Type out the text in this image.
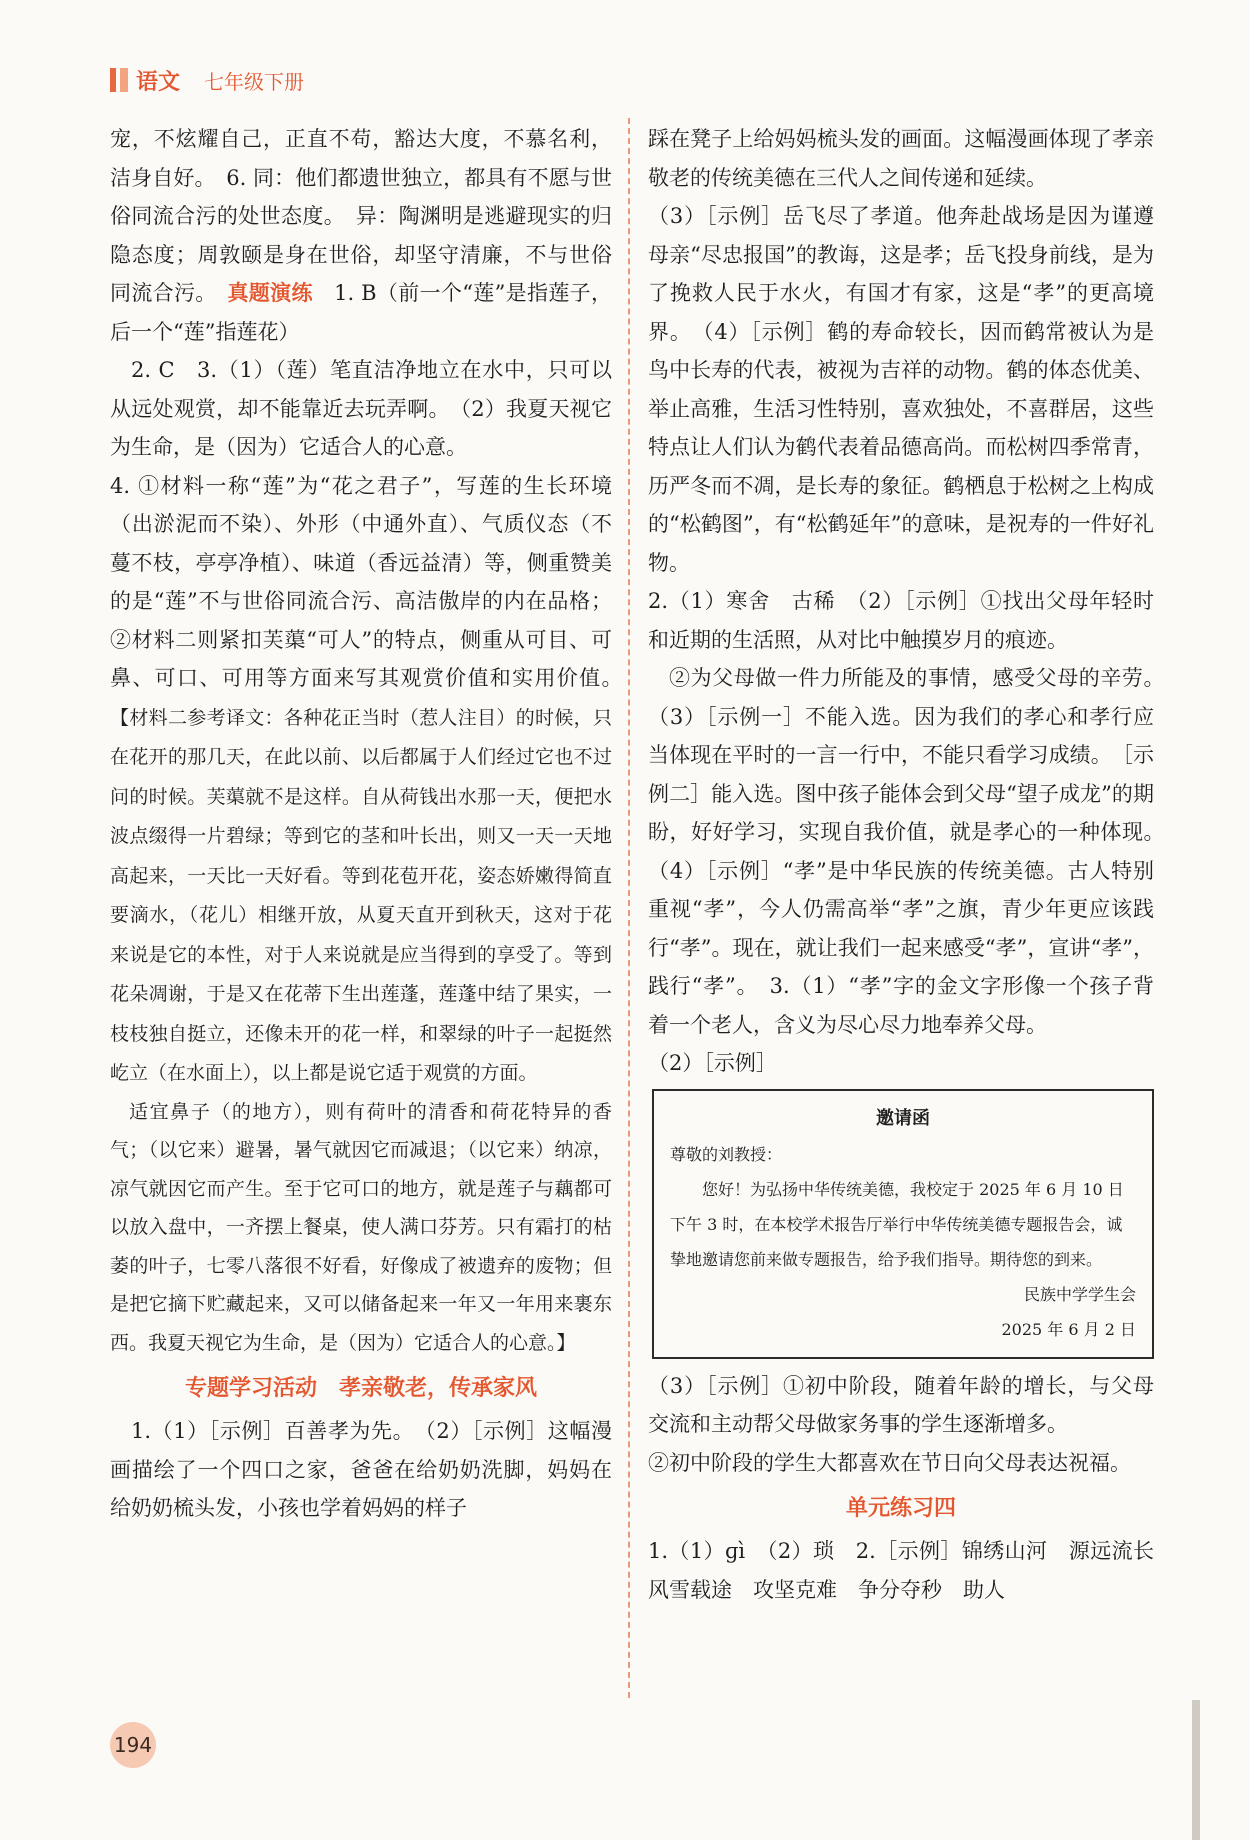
语文 七年级下册

宠，不炫耀自己，正直不苟，豁达大度，不慕名利，洁身自好。　6. 同：他们都遗世独立，都具有不愿与世俗同流合污的处世态度。　异：陶渊明是逃避现实的归隐态度；周敦颐是身在世俗，却坚守清廉，不与世俗同流合污。　真题演练　1. B（前一个“莲”是指莲子，后一个“莲”指莲花）

2. C　3.（1）（莲）笔直洁净地立在水中，只可以从远处观赏，却不能靠近去玩弄啊。　（2）我夏天视它为生命，是（因为）它适合人的心意。

4. ①材料一称“莲”为“花之君子”，写莲的生长环境（出淤泥而不染）、外形（中通外直）、气质仪态（不蔓不枝，亭亭净植）、味道（香远益清）等，侧重赞美的是“莲”不与世俗同流合污、高洁傲岸的内在品格；②材料二则紧扣芙蕖“可人”的特点，侧重从可目、可鼻、可口、可用等方面来写其观赏价值和实用价值。　【材料二参考译文：各种花正当时（惹人注目）的时候，只在花开的那几天，在此以前、以后都属于人们经过它也不过问的时候。芙蕖就不是这样。自从荷钱出水那一天，便把水波点缀得一片碧绿；等到它的茎和叶长出，则又一天一天地高起来，一天比一天好看。等到花苞开花，姿态娇嫩得简直要滴水，（花儿）相继开放，从夏天直开到秋天，这对于花来说是它的本性，对于人来说就是应当得到的享受了。等到花朵凋谢，于是又在花蒂下生出莲蓬，莲蓬中结了果实，一枝枝独自挺立，还像未开的花一样，和翠绿的叶子一起挺然屹立（在水面上），以上都是说它适于观赏的方面。

适宜鼻子（的地方），则有荷叶的清香和荷花特异的香气；（以它来）避暑，暑气就因它而减退；（以它来）纳凉，凉气就因它而产生。至于它可口的地方，就是莲子与藕都可以放入盘中，一齐摆上餐桌，使人满口芬芳。只有霜打的枯萎的叶子，七零八落很不好看，好像成了被遗弃的废物；但是把它摘下贮藏起来，又可以储备起来一年又一年用来裹东西。我夏天视它为生命，是（因为）它适合人的心意。】

专题学习活动　孝亲敬老，传承家风

1.（1）［示例］百善孝为先。　（2）［示例］这幅漫画描绘了一个四口之家，爸爸在给奶奶洗脚，妈妈在给奶奶梳头发，小孩也学着妈妈的样子

踩在凳子上给妈妈梳头发的画面。这幅漫画体现了孝亲敬老的传统美德在三代人之间传递和延续。

（3）［示例］岳飞尽了孝道。他奔赴战场是因为谨遵母亲“尽忠报国”的教诲，这是孝；岳飞投身前线，是为了挽救人民于水火，有国才有家，这是“孝”的更高境界。　（4）［示例］鹤的寿命较长，因而鹤常被认为是鸟中长寿的代表，被视为吉祥的动物。鹤的体态优美、举止高雅，生活习性特别，喜欢独处，不喜群居，这些特点让人们认为鹤代表着品德高尚。而松树四季常青，历严冬而不凋，是长寿的象征。鹤栖息于松树之上构成的“松鹤图”，有“松鹤延年”的意味，是祝寿的一件好礼物。

2.（1）寒舍　古稀　（2）［示例］①找出父母年轻时和近期的生活照，从对比中触摸岁月的痕迹。

②为父母做一件力所能及的事情，感受父母的辛劳。　（3）［示例一］不能入选。因为我们的孝心和孝行应当体现在平时的一言一行中，不能只看学习成绩。　［示例二］能入选。图中孩子能体会到父母“望子成龙”的期盼，好好学习，实现自我价值，就是孝心的一种体现。　（4）［示例］“孝”是中华民族的传统美德。古人特别重视“孝”，今人仍需高举“孝”之旗，青少年更应该践行“孝”。现在，就让我们一起来感受“孝”，宣讲“孝”，践行“孝”。　3.（1）“孝”字的金文字形像一个孩子背着一个老人，含义为尽心尽力地奉养父母。

（2）［示例］

邀请函

尊敬的刘教授：

您好！为弘扬中华传统美德，我校定于 2025 年 6 月 10 日下午 3 时，在本校学术报告厅举行中华传统美德专题报告会，诚挚地邀请您前来做专题报告，给予我们指导。期待您的到来。

民族中学学生会

2025 年 6 月 2 日

（3）［示例］①初中阶段，随着年龄的增长，与父母交流和主动帮父母做家务事的学生逐渐增多。

②初中阶段的学生大都喜欢在节日向父母表达祝福。

单元练习四

1.（1）ɡì　（2）琐　2.［示例］锦绣山河　源远流长　风雪载途　攻坚克难　争分夺秒　助人

194
